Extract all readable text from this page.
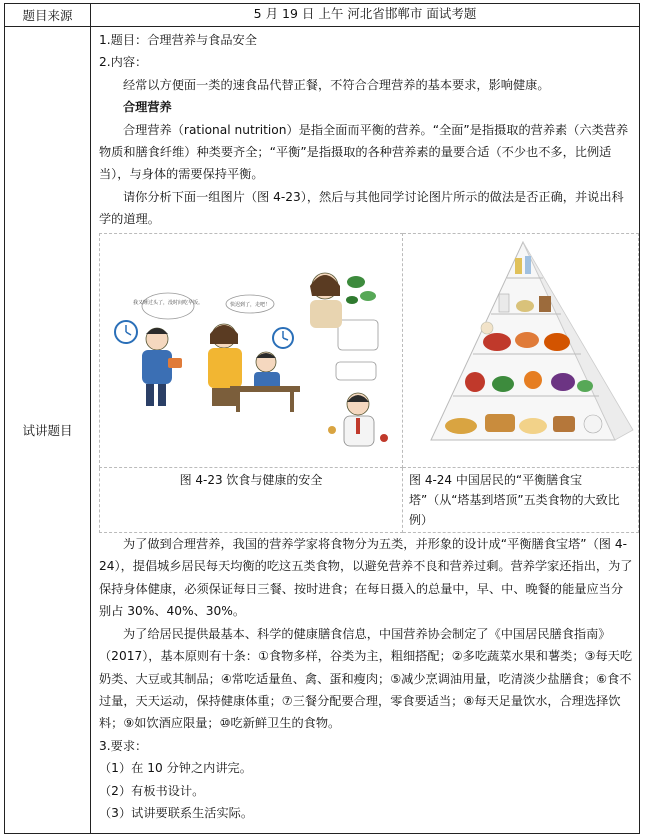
题目来源	5 月 19 日 上午 河北省邯郸市 面试考题
试讲题目	

1.题目：合理营养与食品安全

2.内容：

经常以方便面一类的速食品代替正餐，不符合合理营养的基本要求，影响健康。

合理营养

合理营养（rational nutrition）是指全面而平衡的营养。“全面”是指摄取的营养素（六类营养物质和膳食纤维）种类要齐全；“平衡”是指摄取的各种营养素的量要合适（不少也不多，比例适当），与身体的需要保持平衡。

请你分析下面一组图片（图 4-23），然后与其他同学讨论图片所示的做法是否正确，并说出科学的道理。

我又睡过头了，没时间吃早饭。	快迟到了，走吧！

图 4-23 饮食与健康的安全	图 4-24 中国居民的“平衡膳食宝塔”（从“塔基到塔顶”五类食物的大致比例）

为了做到合理营养，我国的营养学家将食物分为五类，并形象的设计成“平衡膳食宝塔”（图 4-24），提倡城乡居民每天均衡的吃这五类食物，以避免营养不良和营养过剩。营养学家还指出，为了保持身体健康，必须保证每日三餐、按时进食；在每日摄入的总量中，早、中、晚餐的能量应当分别占 30%、40%、30%。

为了给居民提供最基本、科学的健康膳食信息，中国营养协会制定了《中国居民膳食指南》（2017），基本原则有十条：①食物多样，谷类为主，粗细搭配；②多吃蔬菜水果和薯类；③每天吃奶类、大豆或其制品；④常吃适量鱼、禽、蛋和瘦肉；⑤减少烹调油用量，吃清淡少盐膳食；⑥食不过量，天天运动，保持健康体重；⑦三餐分配要合理，零食要适当；⑧每天足量饮水，合理选择饮料；⑨如饮酒应限量；⑩吃新鲜卫生的食物。

3.要求：

（1）在 10 分钟之内讲完。

（2）有板书设计。

（3）试讲要联系生活实际。
